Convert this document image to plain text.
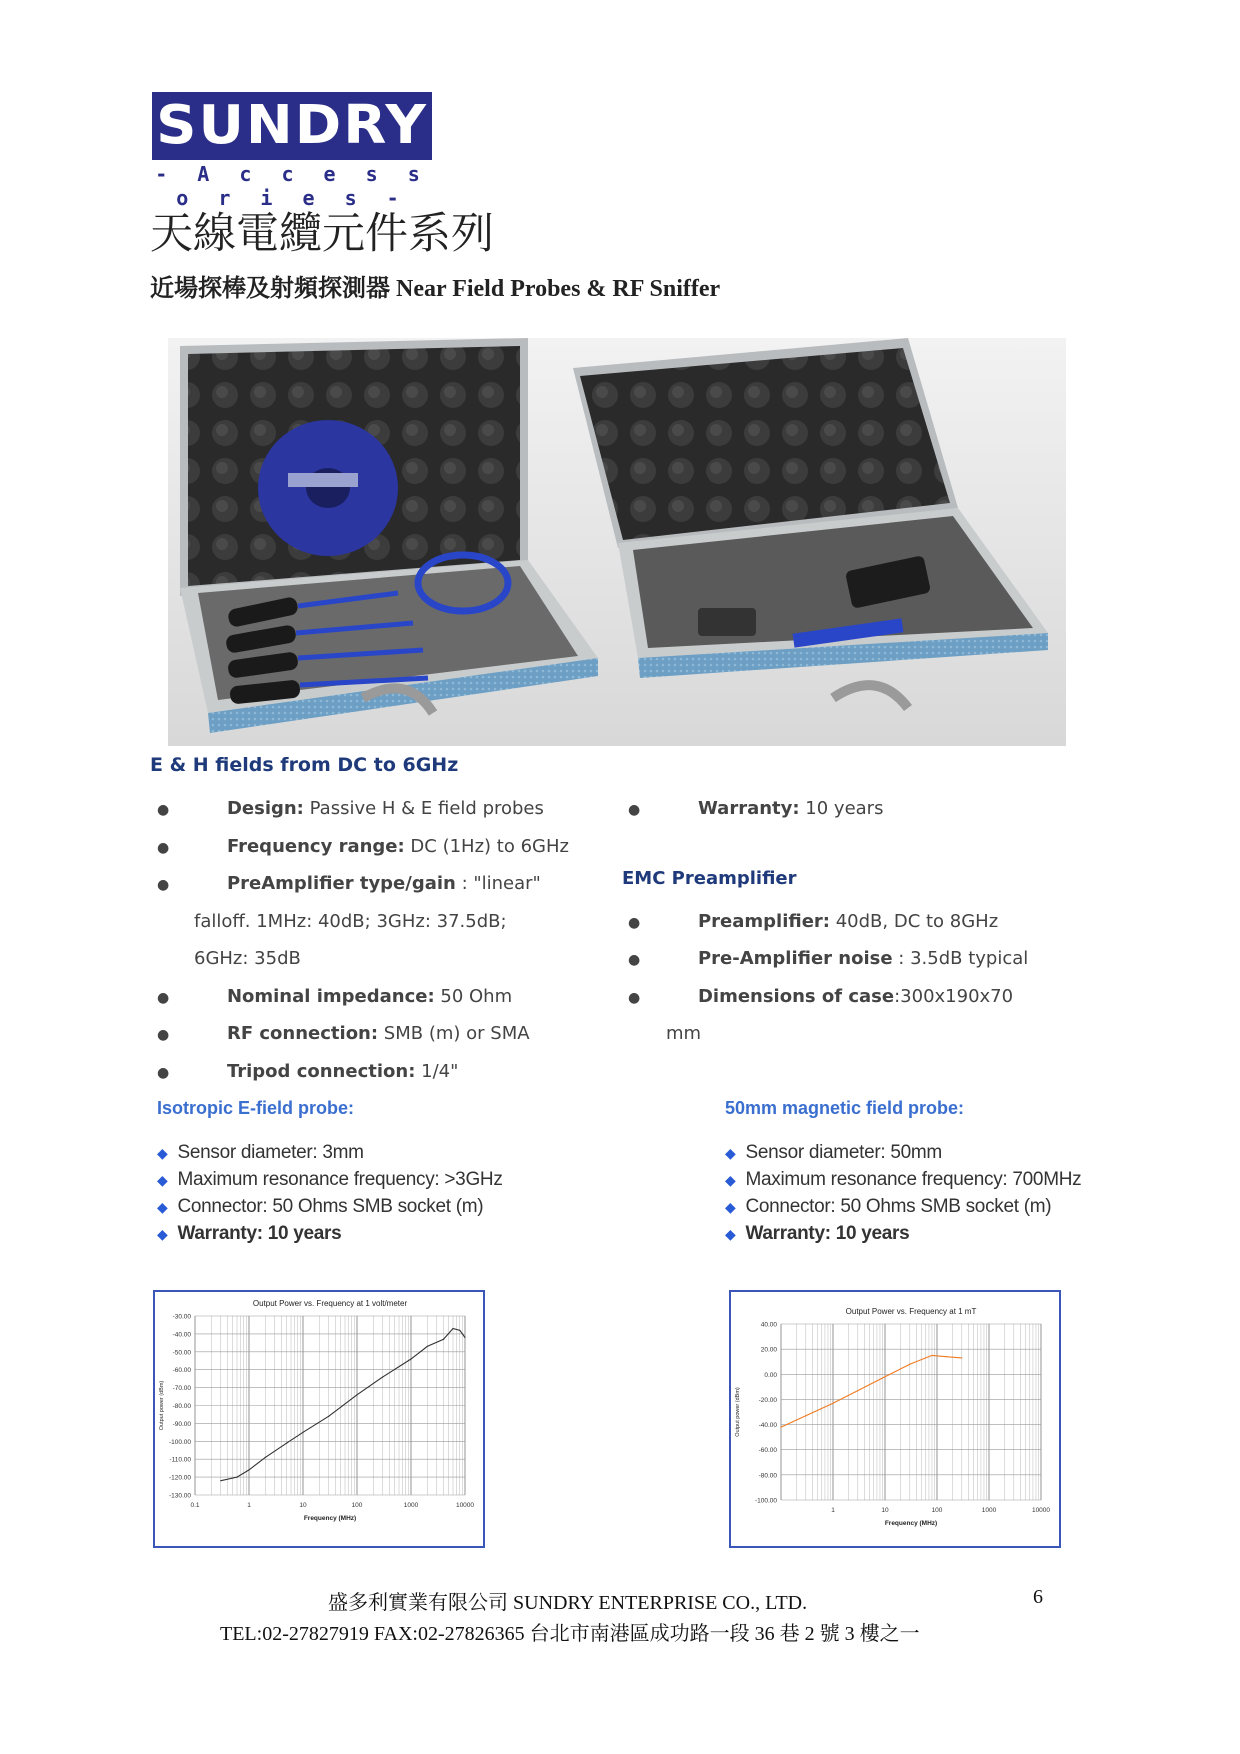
SUNDRY
- A c c e s s o r i e s -
天線電纜元件系列
近場探棒及射頻探測器 Near Field Probes & RF Sniffer
E & H fields from DC to 6GHz
●	Design: Passive H & E field probes
●	Frequency range: DC (1Hz) to 6GHz
●	PreAmplifier type/gain : "linear"
falloff. 1MHz: 40dB; 3GHz: 37.5dB;
6GHz: 35dB
●	Nominal impedance: 50 Ohm
●	RF connection: SMB (m) or SMA
●	Tripod connection: 1/4"
●	Warranty: 10 years
EMC Preamplifier
●	Preamplifier: 40dB, DC to 8GHz
●	Pre-Amplifier noise : 3.5dB typical
●	Dimensions of case:300x190x70
mm
Isotropic E-field probe:
◆ Sensor diameter: 3mm
◆ Maximum resonance frequency: >3GHz
◆ Connector: 50 Ohms SMB socket (m)
◆ Warranty: 10 years
50mm magnetic field probe:
◆ Sensor diameter: 50mm
◆ Maximum resonance frequency: 700MHz
◆ Connector: 50 Ohms SMB socket (m)
◆ Warranty: 10 years
-30.00
-40.00
-50.00
-60.00
-70.00
-80.00
-90.00
-100.00
-110.00
-120.00
-130.00
0.1	1	10	100	1000	10000
Output Power vs. Frequency at 1 volt/meter
Frequency (MHz)
Output power (dBm)
40.00
20.00
0.00
-20.00
-40.00
-60.00
-80.00
-100.00
1	10	100	1000	10000
Output Power vs. Frequency at 1 mT
Frequency (MHz)
Output power (dBm)
盛多利實業有限公司 SUNDRY ENTERPRISE CO., LTD.	6
TEL:02-27827919 FAX:02-27826365 台北市南港區成功路一段 36 巷 2 號 3 樓之一
